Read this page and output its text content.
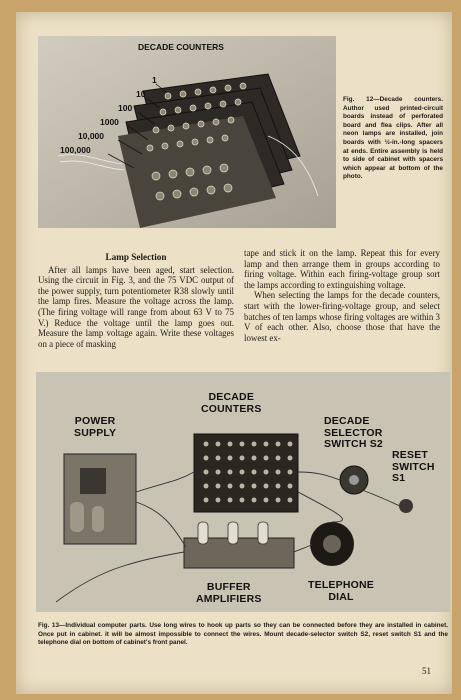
DECADE COUNTERS
1
10
100
1000
10,000
100,000
Fig. 12—Decade counters. Author used printed-circuit boards instead of perforated board and flea clips. After all neon lamps are installed, join boards with ½-in.-long spacers at ends. Entire assembly is held to side of cabinet with spacers which appear at bottom of the photo.
Lamp Selection

After all lamps have been aged, start selection. Using the circuit in Fig. 3, and the 75 VDC output of the power supply, turn potentiometer R38 slowly until the lamp fires. Measure the voltage across the lamp. (The firing voltage will range from about 63 V to 75 V.) Reduce the voltage until the lamp goes out. Measure the lamp voltage again. Write these voltages on a piece of masking

tape and stick it on the lamp. Repeat this for every lamp and then arrange them in groups according to firing voltage. Within each firing-voltage group sort the lamps according to extinguishing voltage.

When selecting the lamps for the decade counters, start with the lower-firing-voltage group, and select batches of ten lamps whose firing voltages are within 3 V of each other. Also, choose those that have the lowest ex-

POWER
SUPPLY
DECADE
COUNTERS
DECADE
SELECTOR
SWITCH S2
RESET
SWITCH
S1
TELEPHONE
DIAL
BUFFER
AMPLIFIERS
Fig. 13—Individual computer parts. Use long wires to hook up parts so they can be connected before they are installed in cabinet. Once put in cabinet. it will be almost impossible to connect the wires. Mount decade-selector switch S2, reset switch S1 and the telephone dial on bottom of cabinet's front panel.
51
